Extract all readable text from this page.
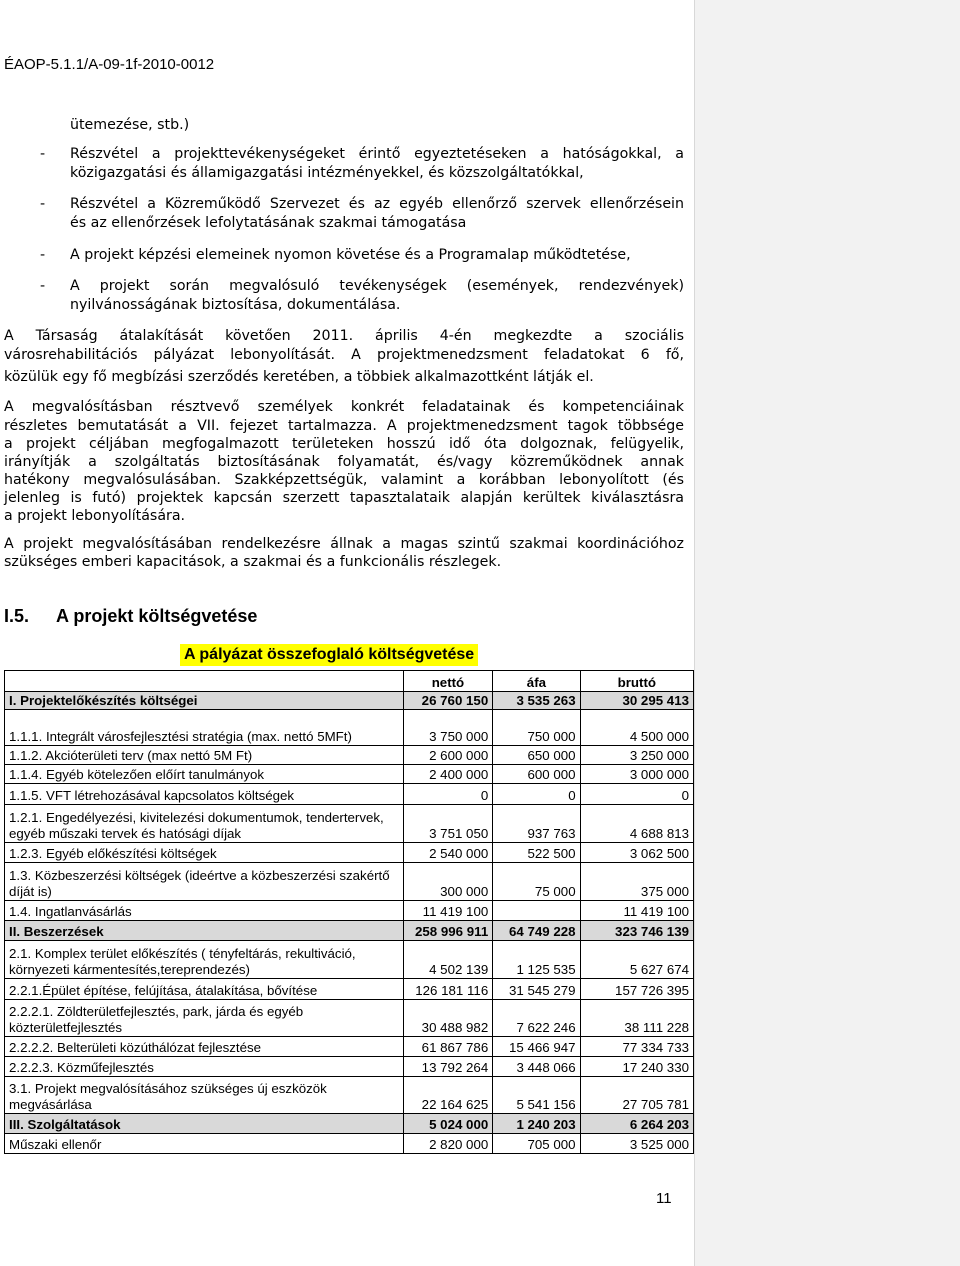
ÉAOP-5.1.1/A-09-1f-2010-0012
ütemezése, stb.)
- Részvétel a projekttevékenységeket érintő egyeztetéseken a hatóságokkal, a
közigazgatási és államigazgatási intézményekkel, és közszolgáltatókkal,
- Részvétel a Közreműködő Szervezet és az egyéb ellenőrző szervek ellenőrzésein
és az ellenőrzések lefolytatásának szakmai támogatása
- A projekt képzési elemeinek nyomon követése és a Programalap működtetése,
- A projekt során megvalósuló tevékenységek (események, rendezvények)
nyilvánosságának biztosítása, dokumentálása.
A Társaság átalakítását követően 2011. április 4-én megkezdte a szociális
városrehabilitációs pályázat lebonyolítását. A projektmenedzsment feladatokat 6 fő,
közülük egy fő megbízási szerződés keretében, a többiek alkalmazottként látják el.
A megvalósításban résztvevő személyek konkrét feladatainak és kompetenciáinak
részletes bemutatását a VII. fejezet tartalmazza. A projektmenedzsment tagok többsége
a projekt céljában megfogalmazott területeken hosszú idő óta dolgoznak, felügyelik,
irányítják a szolgáltatás biztosításának folyamatát, és/vagy közreműködnek annak
hatékony megvalósulásában. Szakképzettségük, valamint a korábban lebonyolított (és
jelenleg is futó) projektek kapcsán szerzett tapasztalataik alapján kerültek kiválasztásra
a projekt lebonyolítására.
A projekt megvalósításában rendelkezésre állnak a magas szintű szakmai koordinációhoz
szükséges emberi kapacitások, a szakmai és a funkcionális részlegek.
I.5. A projekt költségvetése
A pályázat összefoglaló költségvetése
	nettó	áfa	bruttó
I. Projektelőkészítés költségei	26 760 150	3 535 263	30 295 413
1.1.1. Integrált városfejlesztési stratégia (max. nettó 5MFt)	3 750 000	750 000	4 500 000
1.1.2. Akcióterületi terv (max nettó 5M Ft)	2 600 000	650 000	3 250 000
1.1.4. Egyéb kötelezően előírt tanulmányok	2 400 000	600 000	3 000 000
1.1.5. VFT létrehozásával kapcsolatos költségek	0	0	0
1.2.1. Engedélyezési, kivitelezési dokumentumok, tendertervek, egyéb műszaki tervek és hatósági díjak	3 751 050	937 763	4 688 813
1.2.3. Egyéb előkészítési költségek	2 540 000	522 500	3 062 500
1.3. Közbeszerzési költségek (ideértve a közbeszerzési szakértő díját is)	300 000	75 000	375 000
1.4. Ingatlanvásárlás	11 419 100		11 419 100
II. Beszerzések	258 996 911	64 749 228	323 746 139
2.1. Komplex terület előkészítés ( tényfeltárás, rekultiváció, környezeti kármentesítés,tereprendezés)	4 502 139	1 125 535	5 627 674
2.2.1.Épület építése, felújítása, átalakítása, bővítése	126 181 116	31 545 279	157 726 395
2.2.2.1. Zöldterületfejlesztés, park, járda és egyéb közterületfejlesztés	30 488 982	7 622 246	38 111 228
2.2.2.2. Belterületi közúthálózat fejlesztése	61 867 786	15 466 947	77 334 733
2.2.2.3. Közműfejlesztés	13 792 264	3 448 066	17 240 330
3.1. Projekt megvalósításához szükséges új eszközök megvásárlása	22 164 625	5 541 156	27 705 781
III. Szolgáltatások	5 024 000	1 240 203	6 264 203
Műszaki ellenőr	2 820 000	705 000	3 525 000
11
